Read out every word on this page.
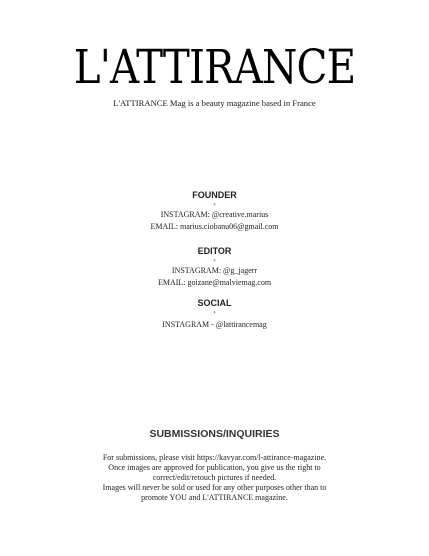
L'ATTIRANCE
L'ATTIRANCE Mag is a beauty magazine based in France
FOUNDER
*
INSTAGRAM: @creative.marius
EMAIL: marius.ciobanu06@gmail.com
EDITOR
*
INSTAGRAM: @g_jagerr
EMAIL: goizane@malviemag.com
SOCIAL
*
INSTAGRAM - @lattirancemag
SUBMISSIONS/INQUIRIES
For submissions, please visit https://kavyar.com/l-attirance-magazine.
Once images are approved for publication, you give us the right to
correct/edit/retouch pictures if needed.
Images will never be sold or used for any other purposes other than to
promote YOU and L'ATTIRANCE magazine.
